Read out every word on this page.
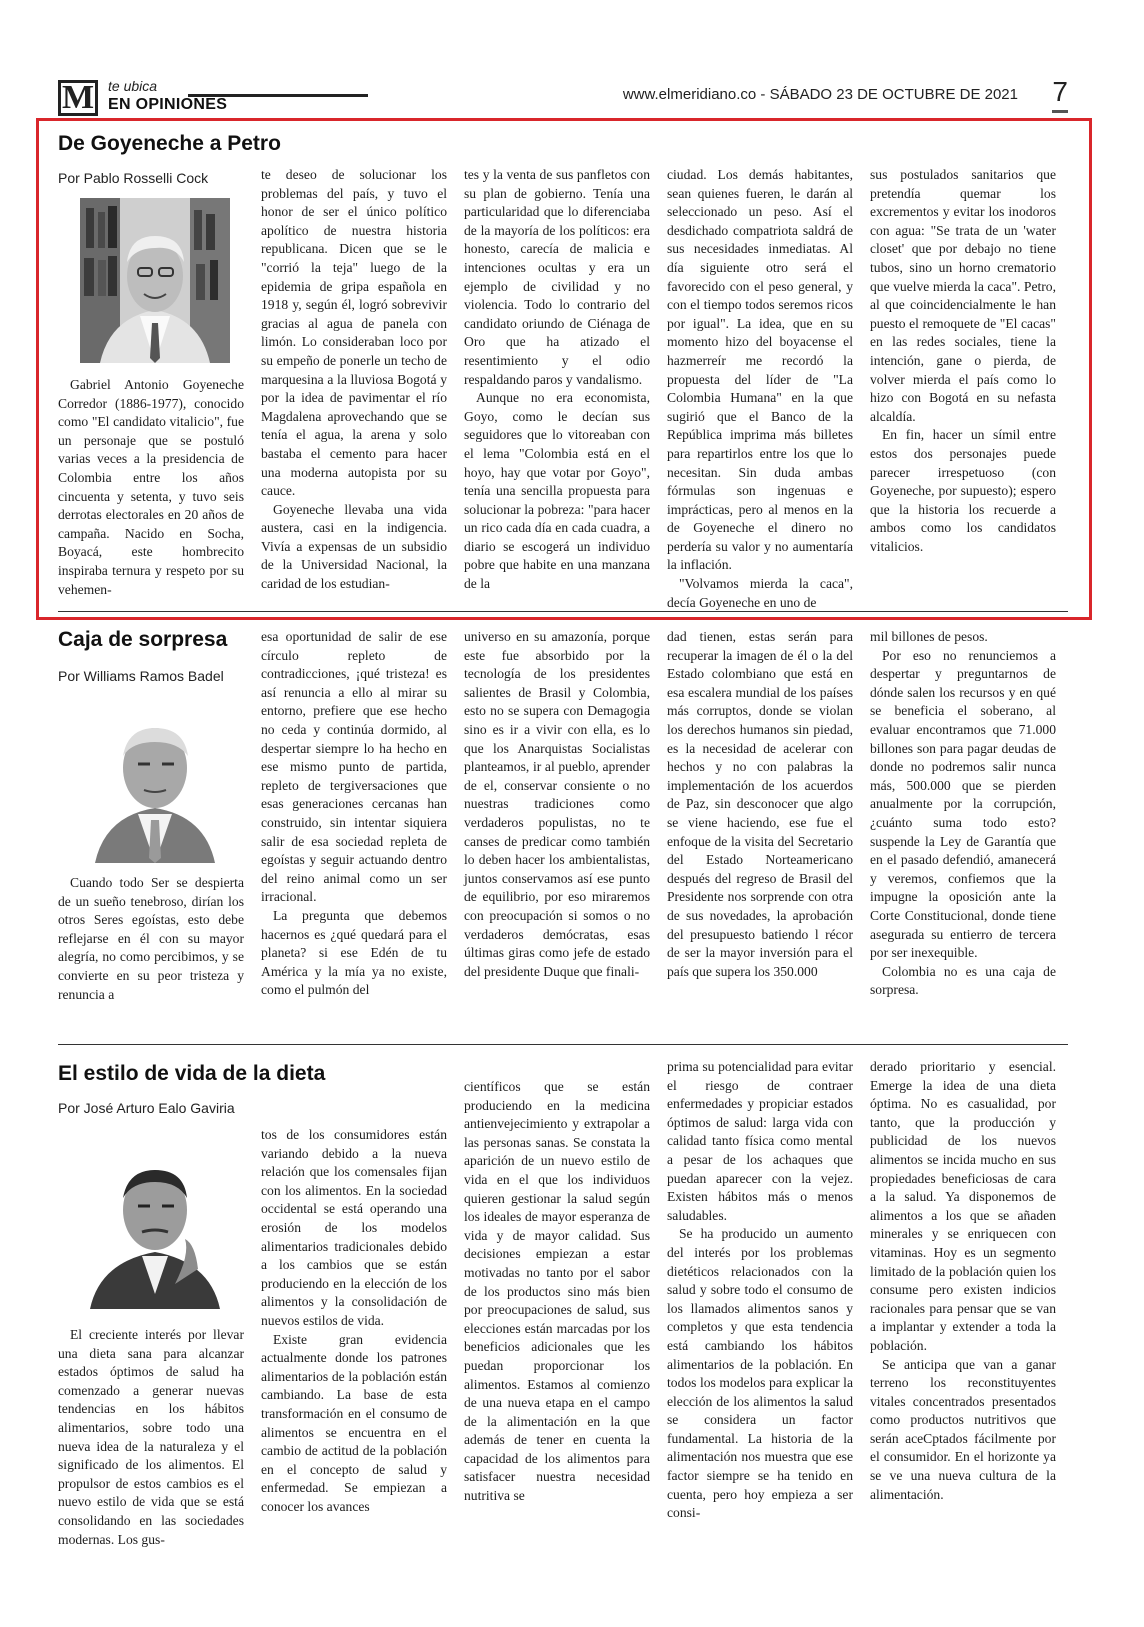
M te ubica
EN OPINIONES
www.elmeridiano.co - SÁBADO 23 DE OCTUBRE DE 2021 7
De Goyeneche a Petro
Por Pablo Rosselli Cock

Gabriel Antonio Goyeneche Corredor (1886-1977), conocido como "El candidato vitalicio", fue un personaje que se postuló varias veces a la presidencia de Colombia entre los años cincuenta y setenta, y tuvo seis derrotas electorales en 20 años de campaña. Nacido en Socha, Boyacá, este hombrecito inspiraba ternura y respeto por su vehemen-

te deseo de solucionar los problemas del país, y tuvo el honor de ser el único político apolítico de nuestra historia republicana. Dicen que se le "corrió la teja" luego de la epidemia de gripa española en 1918 y, según él, logró sobrevivir gracias al agua de panela con limón. Lo consideraban loco por su empeño de ponerle un techo de marquesina a la lluviosa Bogotá y por la idea de pavimentar el río Magdalena aprovechando que se tenía el agua, la arena y solo bastaba el cemento para hacer una moderna autopista por su cauce.

Goyeneche llevaba una vida austera, casi en la indigencia. Vivía a expensas de un subsidio de la Universidad Nacional, la caridad de los estudian-

tes y la venta de sus panfletos con su plan de gobierno. Tenía una particularidad que lo diferenciaba de la mayoría de los políticos: era honesto, carecía de malicia e intenciones ocultas y era un ejemplo de civilidad y no violencia. Todo lo contrario del candidato oriundo de Ciénaga de Oro que ha atizado el resentimiento y el odio respaldando paros y vandalismo.

Aunque no era economista, Goyo, como le decían sus seguidores que lo vitoreaban con el lema "Colombia está en el hoyo, hay que votar por Goyo", tenía una sencilla propuesta para solucionar la pobreza: "para hacer un rico cada día en cada cuadra, a diario se escogerá un individuo pobre que habite en una manzana de la

ciudad. Los demás habitantes, sean quienes fueren, le darán al seleccionado un peso. Así el desdichado compatriota saldrá de sus necesidades inmediatas. Al día siguiente otro será el favorecido con el peso general, y con el tiempo todos seremos ricos por igual". La idea, que en su momento hizo del boyacense el hazmerreír me recordó la propuesta del líder de "La Colombia Humana" en la que sugirió que el Banco de la República imprima más billetes para repartirlos entre los que lo necesitan. Sin duda ambas fórmulas son ingenuas e imprácticas, pero al menos en la de Goyeneche el dinero no perdería su valor y no aumentaría la inflación.

"Volvamos mierda la caca", decía Goyeneche en uno de

sus postulados sanitarios que pretendía quemar los excrementos y evitar los inodoros con agua: "Se trata de un 'water closet' que por debajo no tiene tubos, sino un horno crematorio que vuelve mierda la caca". Petro, al que coincidencialmente le han puesto el remoquete de "El cacas" en las redes sociales, tiene la intención, gane o pierda, de volver mierda el país como lo hizo con Bogotá en su nefasta alcaldía.

En fin, hacer un símil entre estos dos personajes puede parecer irrespetuoso (con Goyeneche, por supuesto); espero que la historia los recuerde a ambos como los candidatos vitalicios.

Caja de sorpresa
Por Williams Ramos Badel

Cuando todo Ser se despierta de un sueño tenebroso, dirían los otros Seres egoístas, esto debe reflejarse en él con su mayor alegría, no como percibimos, y se convierte en su peor tristeza y renuncia a

esa oportunidad de salir de ese círculo repleto de contradicciones, ¡qué tristeza! es así renuncia a ello al mirar su entorno, prefiere que ese hecho no ceda y continúa dormido, al despertar siempre lo ha hecho en ese mismo punto de partida, repleto de tergiversaciones que esas generaciones cercanas han construido, sin intentar siquiera salir de esa sociedad repleta de egoístas y seguir actuando dentro del reino animal como un ser irracional.

La pregunta que debemos hacernos es ¿qué quedará para el planeta? si ese Edén de tu América y la mía ya no existe, como el pulmón del

universo en su amazonía, porque este fue absorbido por la tecnología de los presidentes salientes de Brasil y Colombia, esto no se supera con Demagogia sino es ir a vivir con ella, es lo que los Anarquistas Socialistas planteamos, ir al pueblo, aprender de el, conservar consiente o no nuestras tradiciones como verdaderos populistas, no te canses de predicar como también lo deben hacer los ambientalistas, juntos conservamos así ese punto de equilibrio, por eso miraremos con preocupación si somos o no verdaderos demócratas, esas últimas giras como jefe de estado del presidente Duque que finali-

dad tienen, estas serán para recuperar la imagen de él o la del Estado colombiano que está en esa escalera mundial de los países más corruptos, donde se violan los derechos humanos sin piedad, es la necesidad de acelerar con hechos y no con palabras la implementación de los acuerdos de Paz, sin desconocer que algo se viene haciendo, ese fue el enfoque de la visita del Secretario del Estado Norteamericano después del regreso de Brasil del Presidente nos sorprende con otra de sus novedades, la aprobación del presupuesto batiendo l récor de ser la mayor inversión para el país que supera los 350.000

mil billones de pesos.

Por eso no renunciemos a despertar y preguntarnos de dónde salen los recursos y en qué se beneficia el soberano, al evaluar encontramos que 71.000 billones son para pagar deudas de donde no podremos salir nunca más, 500.000 que se pierden anualmente por la corrupción, ¿cuánto suma todo esto? suspende la Ley de Garantía que en el pasado defendió, amanecerá y veremos, confiemos que la impugne la oposición ante la Corte Constitucional, donde tiene asegurada su entierro de tercera por ser inexequible.

Colombia no es una caja de sorpresa.

El estilo de vida de la dieta
Por José Arturo Ealo Gaviria

El creciente interés por llevar una dieta sana para alcanzar estados óptimos de salud ha comenzado a generar nuevas tendencias en los hábitos alimentarios, sobre todo una nueva idea de la naturaleza y el significado de los alimentos. El propulsor de estos cambios es el nuevo estilo de vida que se está consolidando en las sociedades modernas. Los gus-

tos de los consumidores están variando debido a la nueva relación que los comensales fijan con los alimentos. En la sociedad occidental se está operando una erosión de los modelos alimentarios tradicionales debido a los cambios que se están produciendo en la elección de los alimentos y la consolidación de nuevos estilos de vida.

Existe gran evidencia actualmente donde los patrones alimentarios de la población están cambiando. La base de esta transformación en el consumo de alimentos se encuentra en el cambio de actitud de la población en el concepto de salud y enfermedad. Se empiezan a conocer los avances

científicos que se están produciendo en la medicina antienvejecimiento y extrapolar a las personas sanas. Se constata la aparición de un nuevo estilo de vida en el que los individuos quieren gestionar la salud según los ideales de mayor esperanza de vida y de mayor calidad. Sus decisiones empiezan a estar motivadas no tanto por el sabor de los productos sino más bien por preocupaciones de salud, sus elecciones están marcadas por los beneficios adicionales que les puedan proporcionar los alimentos. Estamos al comienzo de una nueva etapa en el campo de la alimentación en la que además de tener en cuenta la capacidad de los alimentos para satisfacer nuestra necesidad nutritiva se

prima su potencialidad para evitar el riesgo de contraer enfermedades y propiciar estados óptimos de salud: larga vida con calidad tanto física como mental a pesar de los achaques que puedan aparecer con la vejez. Existen hábitos más o menos saludables.

Se ha producido un aumento del interés por los problemas dietéticos relacionados con la salud y sobre todo el consumo de los llamados alimentos sanos y completos y que esta tendencia está cambiando los hábitos alimentarios de la población. En todos los modelos para explicar la elección de los alimentos la salud se considera un factor fundamental. La historia de la alimentación nos muestra que ese factor siempre se ha tenido en cuenta, pero hoy empieza a ser consi-

derado prioritario y esencial. Emerge la idea de una dieta óptima. No es casualidad, por tanto, que la producción y publicidad de los nuevos alimentos se incida mucho en sus propiedades beneficiosas de cara a la salud. Ya disponemos de alimentos a los que se añaden minerales y se enriquecen con vitaminas. Hoy es un segmento limitado de la población quien los consume pero existen indicios racionales para pensar que se van a implantar y extender a toda la población.

Se anticipa que van a ganar terreno los reconstituyentes vitales concentrados presentados como productos nutritivos que serán aceCptados fácilmente por el consumidor. En el horizonte ya se ve una nueva cultura de la alimentación.
